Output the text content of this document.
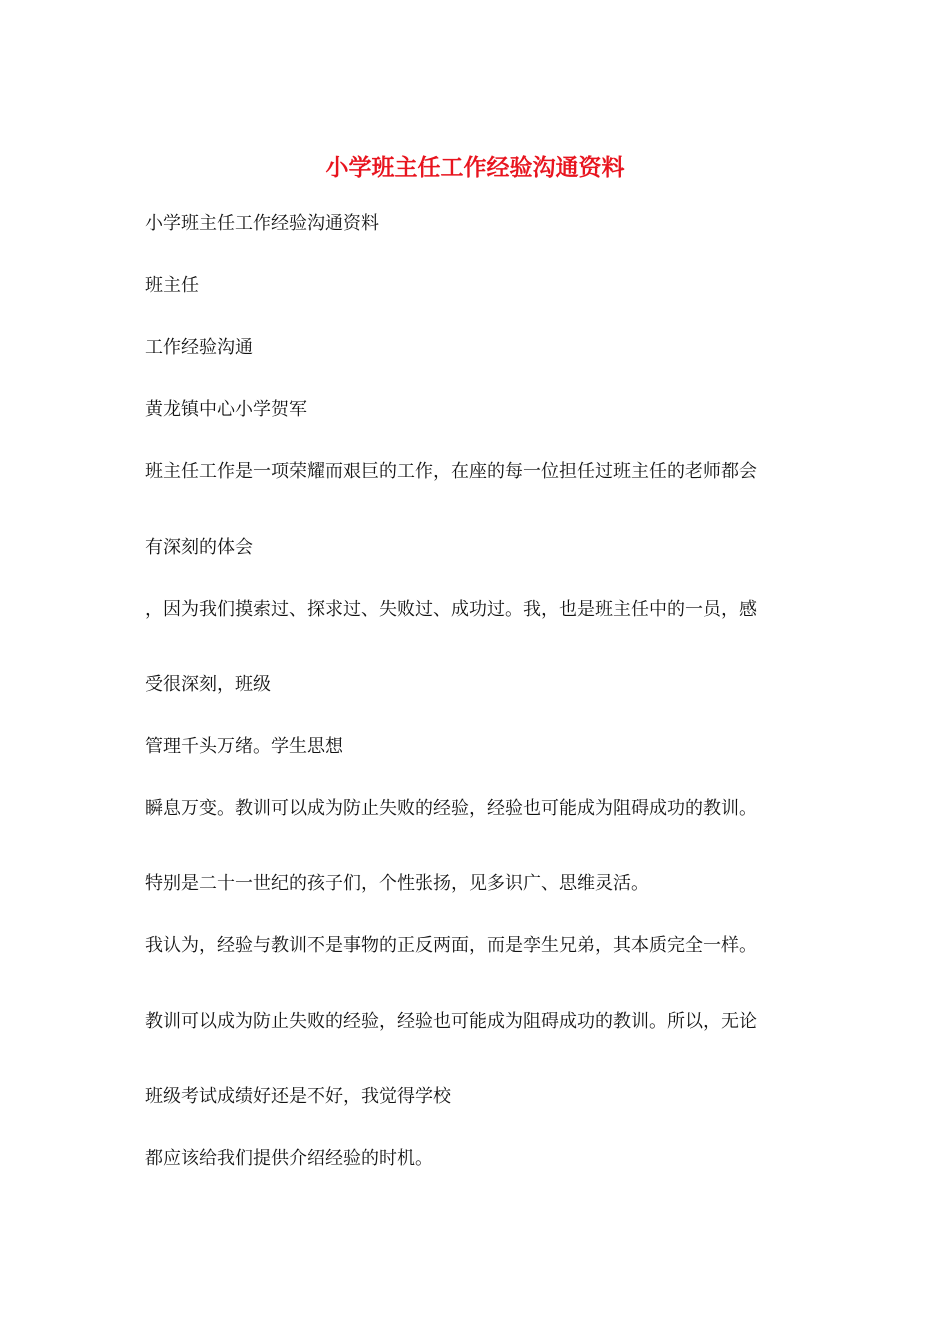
小学班主任工作经验沟通资料

小学班主任工作经验沟通资料

班主任

工作经验沟通

黄龙镇中心小学贺军

班主任工作是一项荣耀而艰巨的工作，在座的每一位担任过班主任的老师都会

有深刻的体会

，因为我们摸索过、探求过、失败过、成功过。我，也是班主任中的一员，感

受很深刻，班级

管理千头万绪。学生思想

瞬息万变。教训可以成为防止失败的经验，经验也可能成为阻碍成功的教训。

特别是二十一世纪的孩子们，个性张扬，见多识广、思维灵活。

我认为，经验与教训不是事物的正反两面，而是孪生兄弟，其本质完全一样。

教训可以成为防止失败的经验，经验也可能成为阻碍成功的教训。所以，无论

班级考试成绩好还是不好，我觉得学校

都应该给我们提供介绍经验的时机。
